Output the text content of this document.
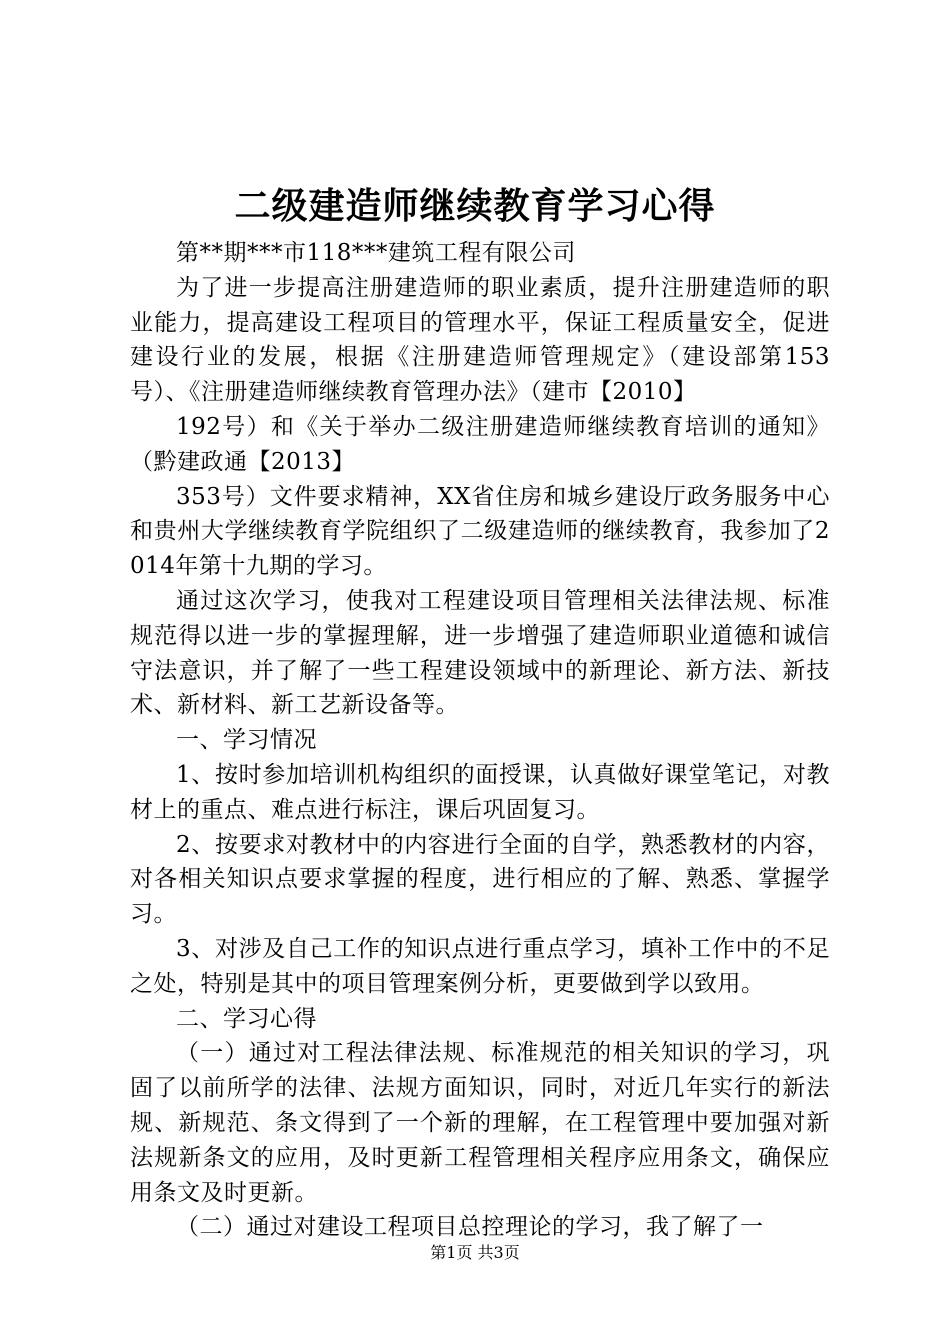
二级建造师继续教育学习心得

第**期***市118***建筑工程有限公司

为了进一步提高注册建造师的职业素质，提升注册建造师的职业能力，提高建设工程项目的管理水平，保证工程质量安全，促进建设行业的发展，根据《注册建造师管理规定》（建设部第153号）、《注册建造师继续教育管理办法》（建市【2010】

192号）和《关于举办二级注册建造师继续教育培训的通知》（黔建政通【2013】

353号）文件要求精神，XX省住房和城乡建设厅政务服务中心和贵州大学继续教育学院组织了二级建造师的继续教育，我参加了2014年第十九期的学习。

通过这次学习，使我对工程建设项目管理相关法律法规、标准规范得以进一步的掌握理解，进一步增强了建造师职业道德和诚信守法意识，并了解了一些工程建设领域中的新理论、新方法、新技术、新材料、新工艺新设备等。

一、学习情况

1、按时参加培训机构组织的面授课，认真做好课堂笔记，对教材上的重点、难点进行标注，课后巩固复习。

2、按要求对教材中的内容进行全面的自学，熟悉教材的内容，对各相关知识点要求掌握的程度，进行相应的了解、熟悉、掌握学习。

3、对涉及自己工作的知识点进行重点学习，填补工作中的不足之处，特别是其中的项目管理案例分析，更要做到学以致用。

二、学习心得

（一）通过对工程法律法规、标准规范的相关知识的学习，巩固了以前所学的法律、法规方面知识，同时，对近几年实行的新法规、新规范、条文得到了一个新的理解，在工程管理中要加强对新法规新条文的应用，及时更新工程管理相关程序应用条文，确保应用条文及时更新。

（二）通过对建设工程项目总控理论的学习，我了解了一

第1页 共3页
